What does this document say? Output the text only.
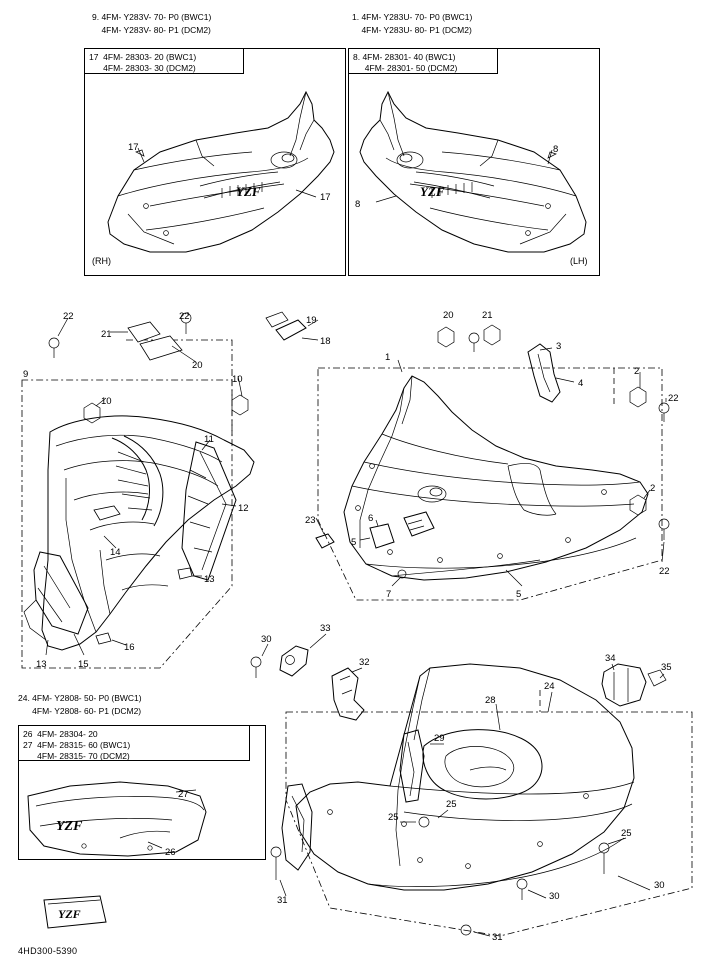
9. 4FM- Y283V- 70- P0 (BWC1)
4FM- Y283V- 80- P1 (DCM2)
17  4FM- 28303- 20 (BWC1)
4FM- 28303- 30 (DCM2)
1. 4FM- Y283U- 70- P0 (BWC1)
4FM- Y283U- 80- P1 (DCM2)
8. 4FM- 28301- 40 (BWC1)
4FM- 28301- 50 (DCM2)
(RH)	(LH)
17
17
8
8
24. 4FM- Y2808- 50- P0 (BWC1)
4FM- Y2808- 60- P1 (DCM2)
26  4FM- 28304- 20
27  4FM- 28315- 60 (BWC1)
4FM- 28315- 70 (DCM2)
27
26
22
21
22	19
18
20
10
9
10
11
12
14
13
13	15
16
20	21
1
3
4
2
22
2
22
23	6
5
7	5
30
33
32	34
35
28
24
29
25
25
25
30
30
31
31
4HD300-5390
YZF	YZF
YZF
YZF
